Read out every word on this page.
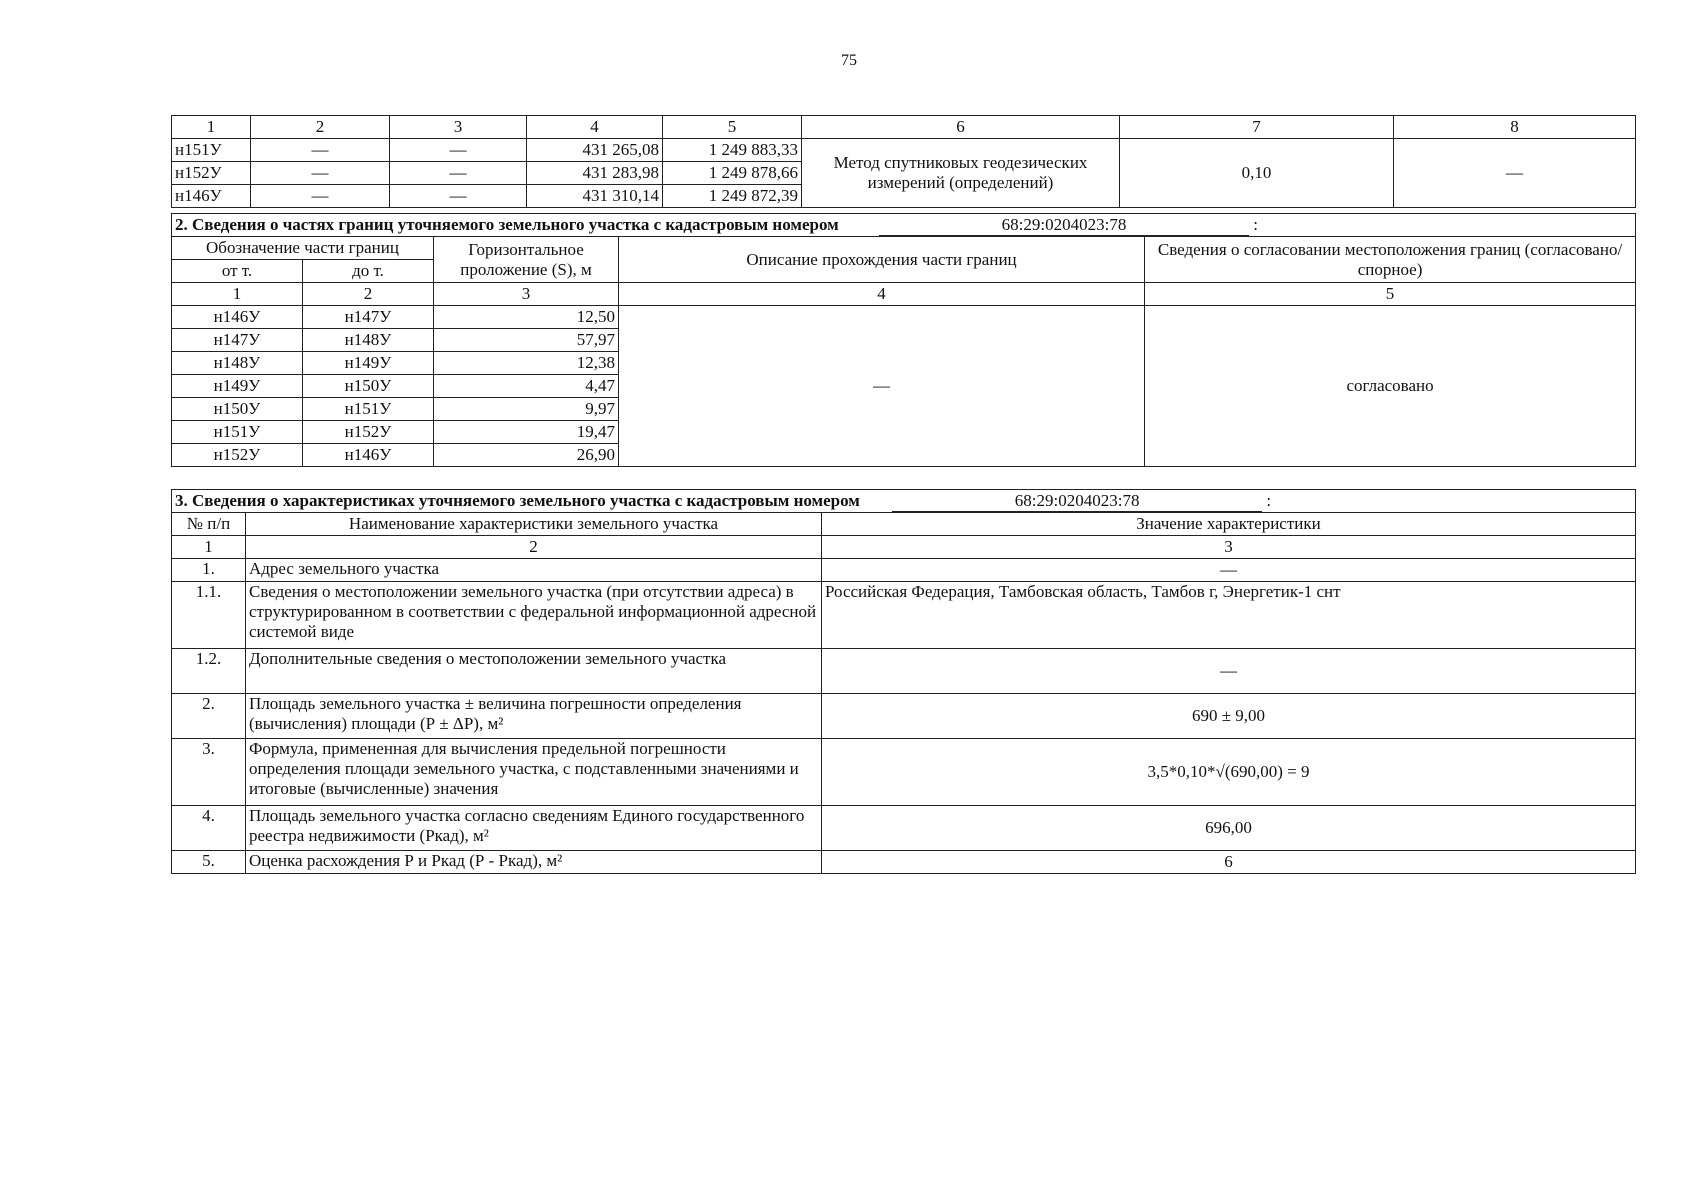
75
1	2	3	4	5	6	7	8
н151У	—	—	431 265,08	1 249 883,33	Метод спутниковых геодезических измерений (определений)	0,10	—
н152У	—	—	431 283,98	1 249 878,66			
н146У	—	—	431 310,14	1 249 872,39			
2. Сведения о частях границ уточняемого земельного участка с кадастровым номером 68:29:0204023:78 :				
Обозначение части границ		Горизонтальное проложение (S), м	Описание прохождения части границ	Сведения о согласовании местоположения границ (согласовано/спорное)
от т.	до т.			
1	2	3	4	5
н146У	н147У	12,50	—	согласовано
н147У	н148У	57,97		
н148У	н149У	12,38		
н149У	н150У	4,47		
н150У	н151У	9,97		
н151У	н152У	19,47		
н152У	н146У	26,90		
3. Сведения о характеристиках уточняемого земельного участка с кадастровым номером 68:29:0204023:78 :		
№ п/п	Наименование характеристики земельного участка	Значение характеристики
1	2	3
1.	Адрес земельного участка	—
1.1.	Сведения о местоположении земельного участка (при отсутствии адреса) в структурированном в соответствии с федеральной информационной адресной системой виде	Российская Федерация, Тамбовская область, Тамбов г, Энергетик-1 снт
1.2.	Дополнительные сведения о местоположении земельного участка	—
2.	Площадь земельного участка ± величина погрешности определения (вычисления) площади (Р ± ΔР), м²	690 ± 9,00
3.	Формула, примененная для вычисления предельной погрешности определения площади земельного участка, с подставленными значениями и итоговые (вычисленные) значения	3,5*0,10*√(690,00) = 9
4.	Площадь земельного участка согласно сведениям Единого государственного реестра недвижимости (Ркад), м²	696,00
5.	Оценка расхождения Р и Ркад (Р - Ркад), м²	6
